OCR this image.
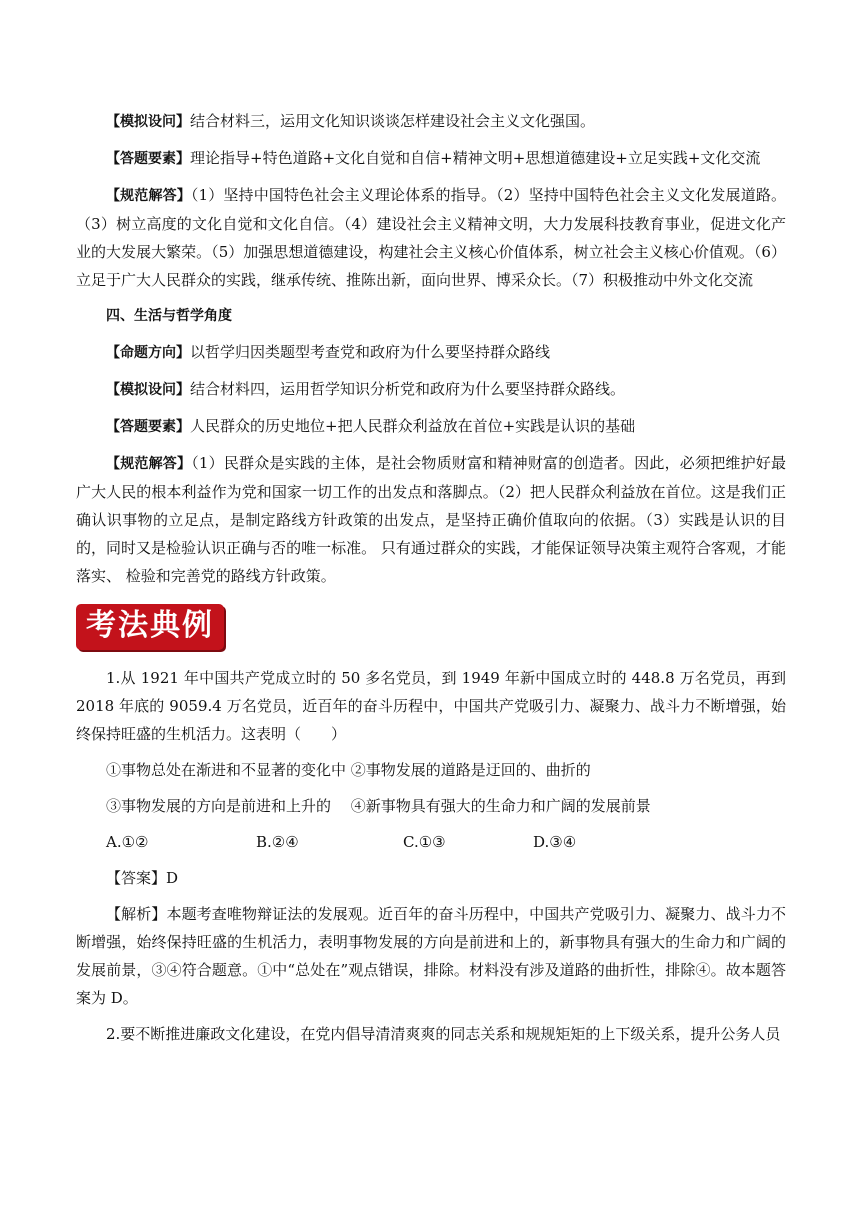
【模拟设问】结合材料三，运用文化知识谈谈怎样建设社会主义文化强国。

【答题要素】理论指导+特色道路+文化自觉和自信+精神文明+思想道德建设+立足实践+文化交流

【规范解答】（1）坚持中国特色社会主义理论体系的指导。（2）坚持中国特色社会主义文化发展道路。（3）树立高度的文化自觉和文化自信。（4）建设社会主义精神文明，大力发展科技教育事业，促进文化产业的大发展大繁荣。（5）加强思想道德建设，构建社会主义核心价值体系，树立社会主义核心价值观。（6）立足于广大人民群众的实践，继承传统、推陈出新，面向世界、博采众长。（7）积极推动中外文化交流

四、生活与哲学角度

【命题方向】以哲学归因类题型考查党和政府为什么要坚持群众路线

【模拟设问】结合材料四，运用哲学知识分析党和政府为什么要坚持群众路线。

【答题要素】人民群众的历史地位+把人民群众利益放在首位+实践是认识的基础

【规范解答】（1）民群众是实践的主体，是社会物质财富和精神财富的创造者。因此，必须把维护好最广大人民的根本利益作为党和国家一切工作的出发点和落脚点。（2）把人民群众利益放在首位。这是我们正确认识事物的立足点，是制定路线方针政策的出发点，是坚持正确价值取向的依据。（3）实践是认识的目的，同时又是检验认识正确与否的唯一标准。 只有通过群众的实践，才能保证领导决策主观符合客观，才能落实、 检验和完善党的路线方针政策。

考法典例

1.从 1921 年中国共产党成立时的 50 多名党员，到 1949 年新中国成立时的 448.8 万名党员，再到 2018 年底的 9059.4 万名党员，近百年的奋斗历程中，中国共产党吸引力、凝聚力、战斗力不断增强，始终保持旺盛的生机活力。这表明（　　）

①事物总处在渐进和不显著的变化中 ②事物发展的道路是迂回的、曲折的

③事物发展的方向是前进和上升的　 ④新事物具有强大的生命力和广阔的发展前景

A.①②	B.②④	C.①③	D.③④

【答案】D

【解析】本题考查唯物辩证法的发展观。近百年的奋斗历程中，中国共产党吸引力、凝聚力、战斗力不断增强，始终保持旺盛的生机活力，表明事物发展的方向是前进和上的，新事物具有强大的生命力和广阔的发展前景，③④符合题意。①中“总处在”观点错误，排除。材料没有涉及道路的曲折性，排除④。故本题答案为 D。

2.要不断推进廉政文化建设，在党内倡导清清爽爽的同志关系和规规矩矩的上下级关系，提升公务人员
